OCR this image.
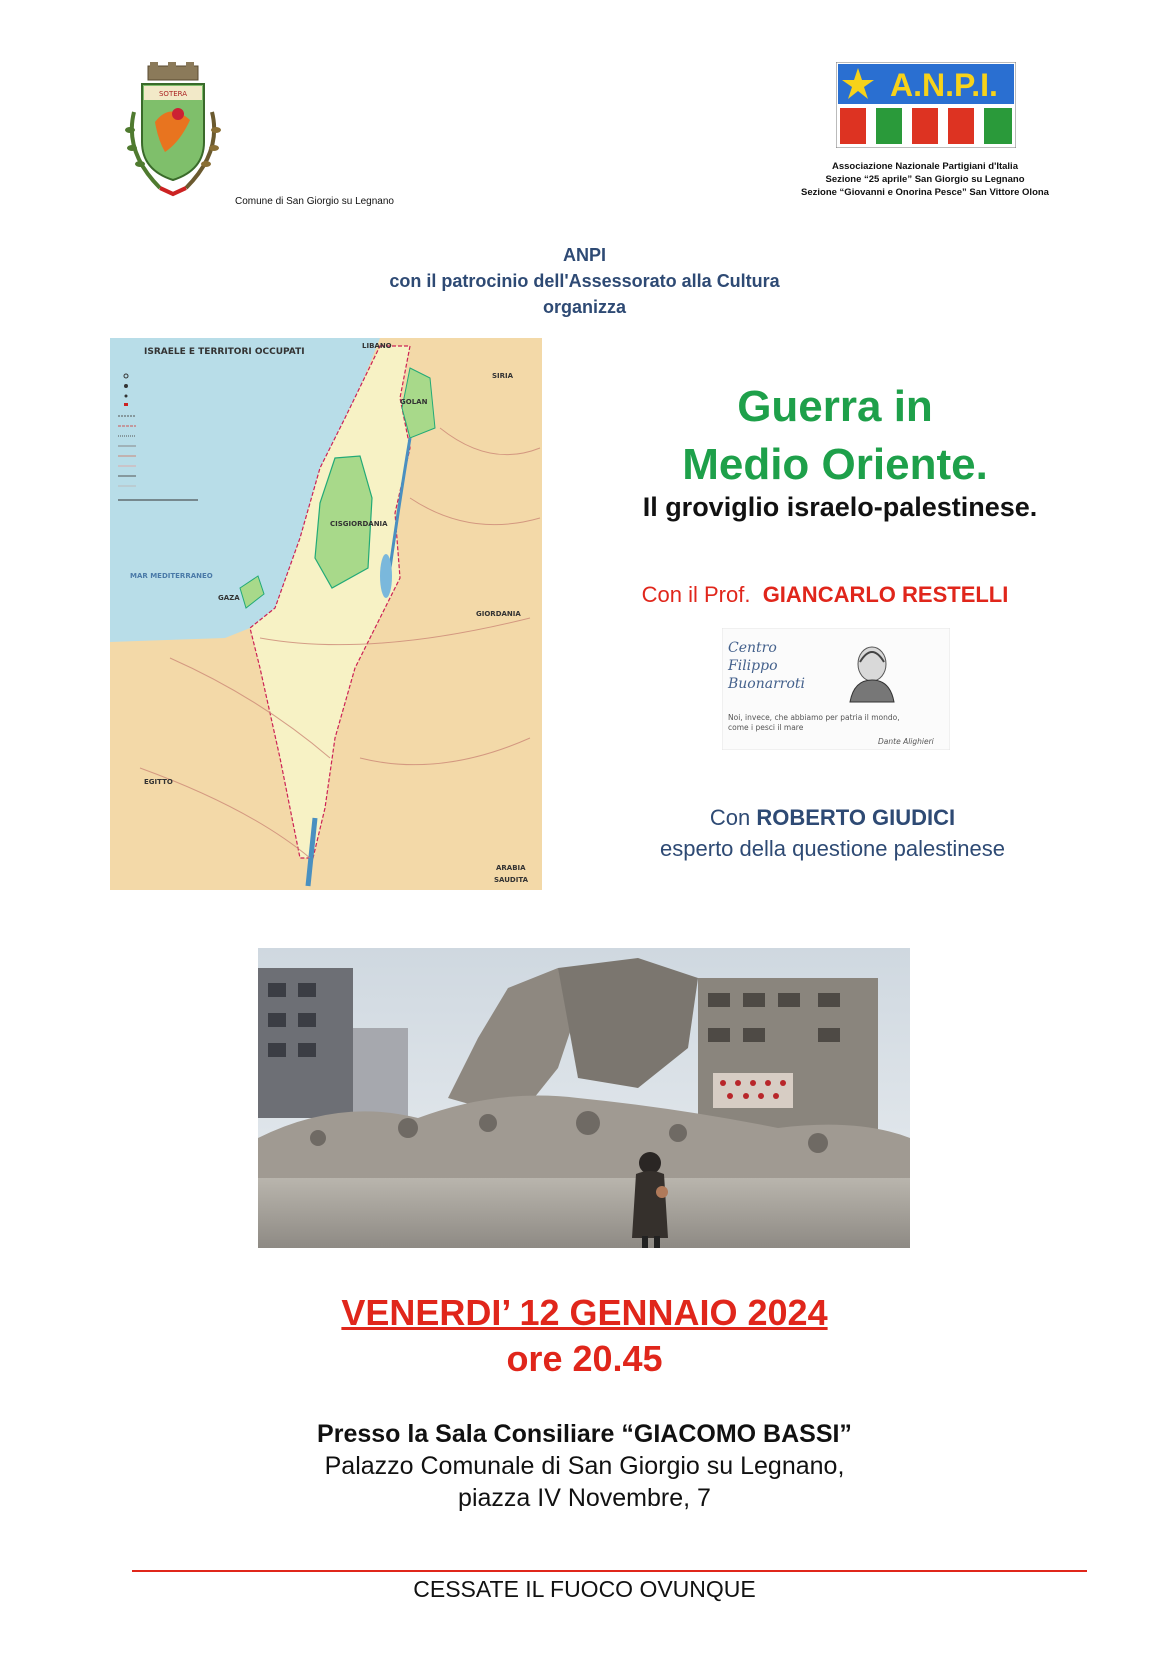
SOTERA
Comune di San Giorgio su Legnano
A.N.P.I.
Associazione Nazionale Partigiani d'Italia
Sezione “25 aprile” San Giorgio su Legnano
Sezione “Giovanni e Onorina Pesce” San Vittore Olona
ANPI
con il patrocinio dell'Assessorato alla Cultura
organizza
ISRAELE E TERRITORI OCCUPATI
LIBANO
SIRIA
GOLAN
CISGIORDANIA
MAR MEDITERRANEO
GAZA
GIORDANIA
EGITTO
ARABIA
SAUDITA
Guerra in
Medio Oriente.
Il groviglio israelo-palestinese.
Con il Prof. GIANCARLO RESTELLI
Centro
Filippo
Buonarroti
Noi, invece, che abbiamo per patria il mondo,
come i pesci il mare
Dante Alighieri
Con ROBERTO GIUDICI
esperto della questione palestinese
VENERDI’ 12 GENNAIO 2024
ore 20.45
Presso la Sala Consiliare “GIACOMO BASSI”
Palazzo Comunale di San Giorgio su Legnano,
piazza IV Novembre, 7
CESSATE IL FUOCO OVUNQUE
